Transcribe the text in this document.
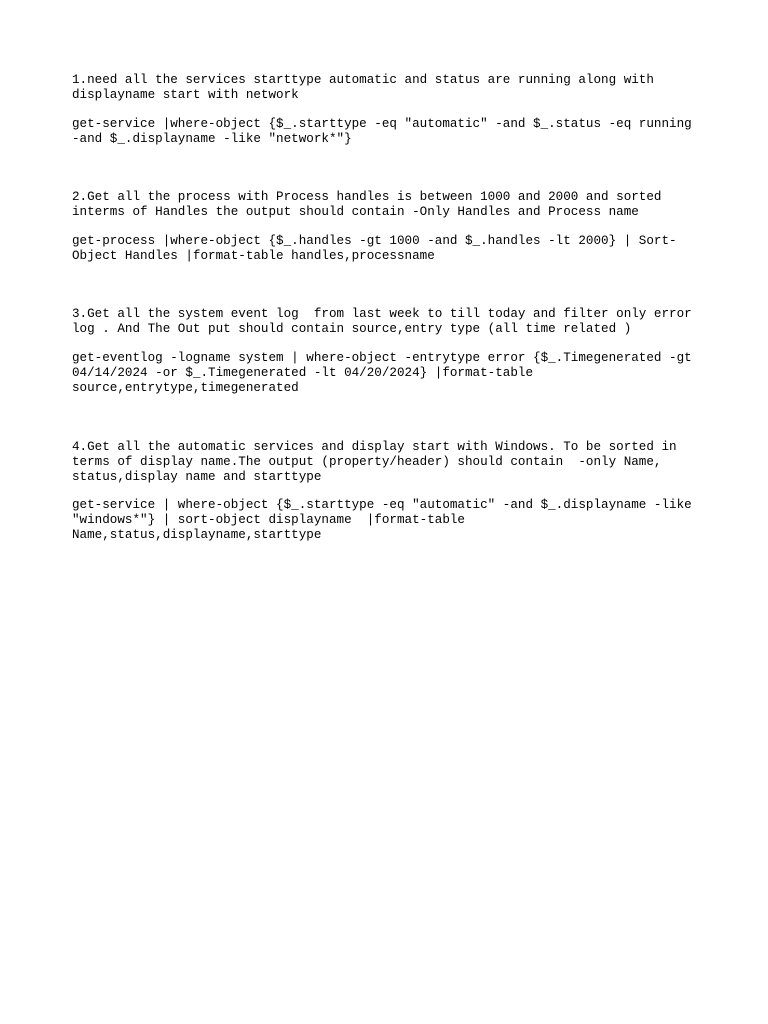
1.need all the services starttype automatic and status are running along with
displayname start with network

get-service |where-object {$_.starttype -eq "automatic" -and $_.status -eq running
-and $_.displayname -like "network*"}

2.Get all the process with Process handles is between 1000 and 2000 and sorted
interms of Handles the output should contain -Only Handles and Process name

get-process |where-object {$_.handles -gt 1000 -and $_.handles -lt 2000} | Sort-
Object Handles |format-table handles,processname

3.Get all the system event log  from last week to till today and filter only error
log . And The Out put should contain source,entry type (all time related )

get-eventlog -logname system | where-object -entrytype error {$_.Timegenerated -gt
04/14/2024 -or $_.Timegenerated -lt 04/20/2024} |format-table
source,entrytype,timegenerated

4.Get all the automatic services and display start with Windows. To be sorted in
terms of display name.The output (property/header) should contain  -only Name,
status,display name and starttype

get-service | where-object {$_.starttype -eq "automatic" -and $_.displayname -like
"windows*"} | sort-object displayname  |format-table
Name,status,displayname,starttype
